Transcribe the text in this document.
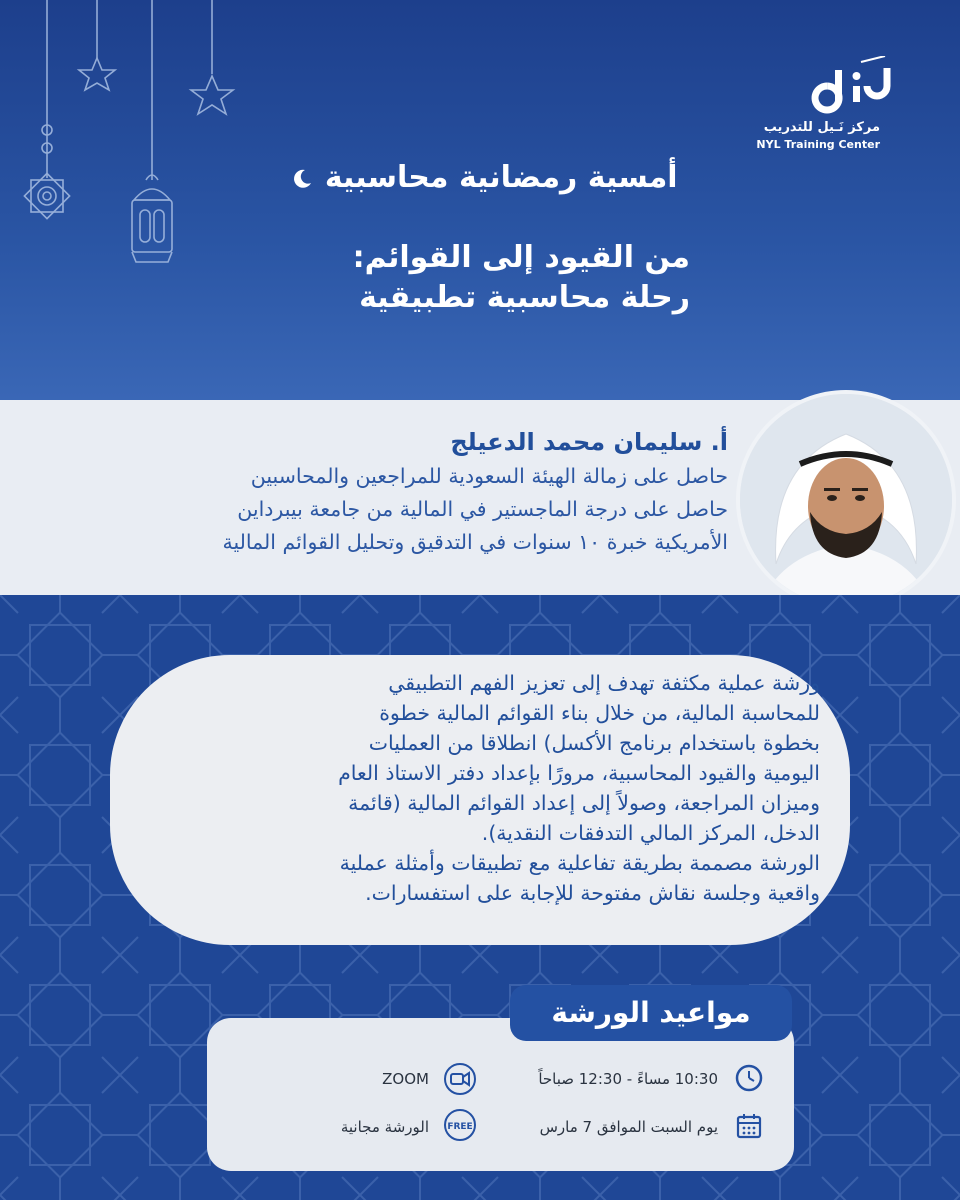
مركز نَـيل للتدريب
NYL Training Center
أمسية رمضانية محاسبية
من القيود إلى القوائم:
رحلة محاسبية تطبيقية
أ. سليمان محمد الدعيلج
حاصل على زمالة الهيئة السعودية للمراجعين والمحاسبين
حاصل على درجة الماجستير في المالية من جامعة بيبرداين
الأمريكية خبرة ١٠ سنوات في التدقيق وتحليل القوائم المالية
ورشة عملية مكثفة تهدف إلى تعزيز الفهم التطبيقي
للمحاسبة المالية، من خلال بناء القوائم المالية خطوة
بخطوة باستخدام برنامج الأكسل) انطلاقا من العمليات
اليومية والقيود المحاسبية، مرورًا بإعداد دفتر الاستاذ العام
وميزان المراجعة، وصولاً إلى إعداد القوائم المالية (قائمة
الدخل، المركز المالي التدفقات النقدية).
الورشة مصممة بطريقة تفاعلية مع تطبيقات وأمثلة عملية
واقعية وجلسة نقاش مفتوحة للإجابة على استفسارات.
10:30 مساءً - 12:30 صباحاً
ZOOM
يوم السبت الموافق 7 مارس
FREE
الورشة مجانية
مواعيد الورشة
